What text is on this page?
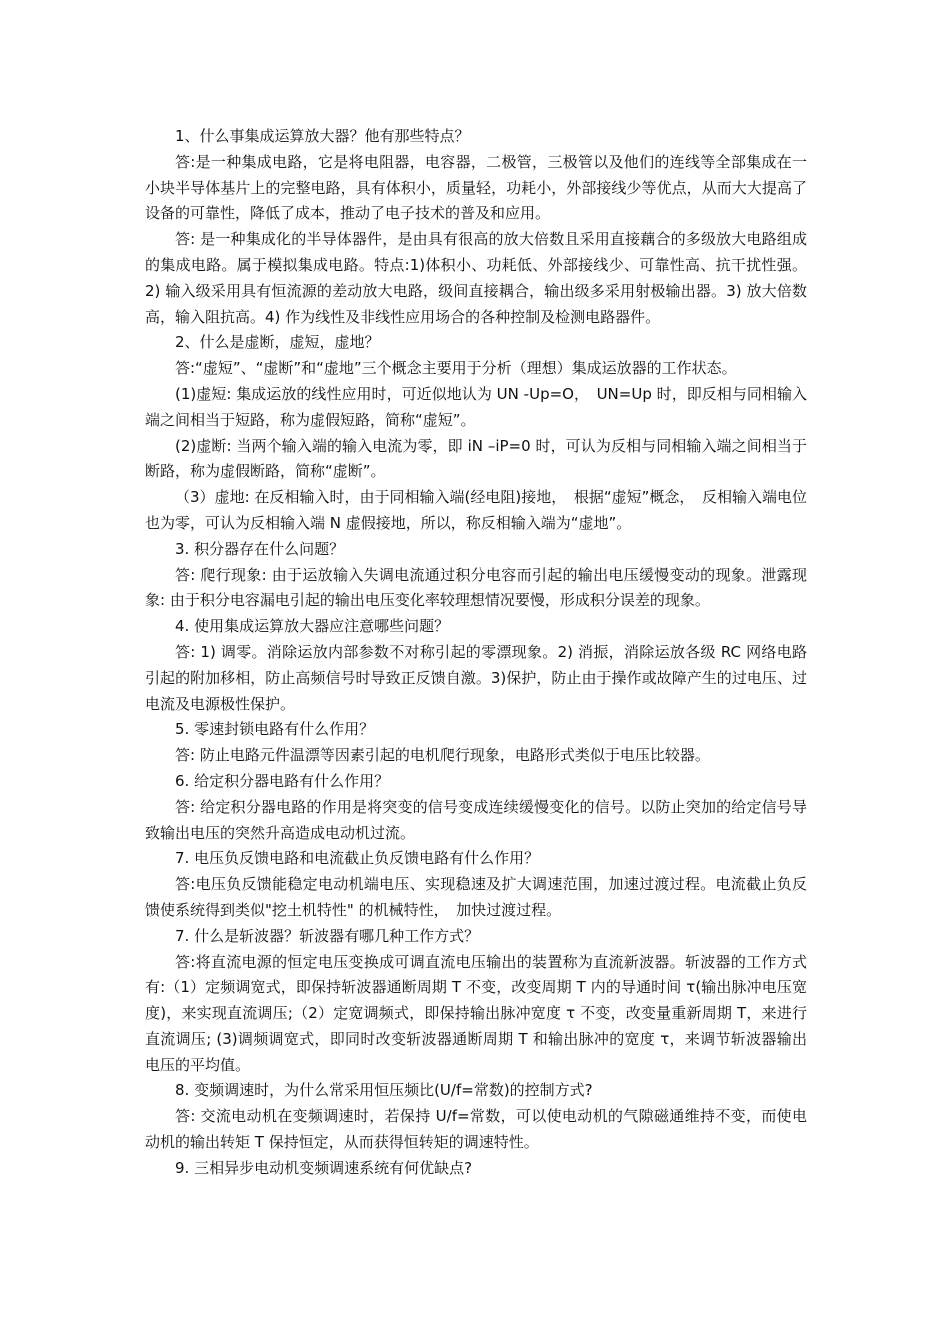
1、什么事集成运算放大器？他有那些特点？

答:是一种集成电路，它是将电阻器，电容器，二极管，三极管以及他们的连线等全部集成在一小块半导体基片上的完整电路，具有体积小，质量轻，功耗小，外部接线少等优点，从而大大提高了设备的可靠性，降低了成本，推动了电子技术的普及和应用。

答: 是一种集成化的半导体器件，是由具有很高的放大倍数且采用直接藕合的多级放大电路组成的集成电路。属于模拟集成电路。特点:1)体积小、功耗低、外部接线少、可靠性高、抗干扰性强。2) 输入级采用具有恒流源的差动放大电路，级间直接耦合，输出级多采用射极输出器。3) 放大倍数高，输入阻抗高。4) 作为线性及非线性应用场合的各种控制及检测电路器件。

2、什么是虚断，虚短，虚地？

答:“虚短”、“虚断”和“虚地”三个概念主要用于分析（理想）集成运放器的工作状态。

(1)虚短: 集成运放的线性应用时，可近似地认为 UN -Up=O，　UN=Up 时，即反相与同相输入端之间相当于短路，称为虚假短路，简称“虚短”。

(2)虚断: 当两个输入端的输入电流为零，即 iN –iP=0 时，可认为反相与同相输入端之间相当于断路，称为虚假断路，简称“虚断”。

（3）虚地: 在反相输入时，由于同相输入端(经电阻)接地，　根据“虚短”概念，　反相输入端电位也为零，可认为反相输入端 N 虚假接地，所以，称反相输入端为“虚地”。

3. 积分器存在什么问题？

答: 爬行现象: 由于运放输入失调电流通过积分电容而引起的输出电压缓慢变动的现象。泄露现象: 由于积分电容漏电引起的输出电压变化率较理想情况要慢，形成积分误差的现象。

4. 使用集成运算放大器应注意哪些问题？

答: 1) 调零。消除运放内部参数不对称引起的零漂现象。2) 消振，消除运放各级 RC 网络电路引起的附加移相，防止高频信号时导致正反馈自激。3)保护，防止由于操作或故障产生的过电压、过电流及电源极性保护。

5. 零速封锁电路有什么作用？

答: 防止电路元件温漂等因素引起的电机爬行现象，电路形式类似于电压比较器。

6. 给定积分器电路有什么作用？

答: 给定积分器电路的作用是将突变的信号变成连续缓慢变化的信号。以防止突加的给定信号导致输出电压的突然升高造成电动机过流。

7. 电压负反馈电路和电流截止负反馈电路有什么作用？

答:电压负反馈能稳定电动机端电压、实现稳速及扩大调速范围，加速过渡过程。电流截止负反馈使系统得到类似"挖土机特性" 的机械特性，　加快过渡过程。

7. 什么是斩波器？斩波器有哪几种工作方式？

答:将直流电源的恒定电压变换成可调直流电压输出的装置称为直流新波器。斩波器的工作方式有:（1）定频调宽式，即保持斩波器通断周期 T 不变，改变周期 T 内的导通时间 τ(输出脉冲电压宽度)，来实现直流调压;（2）定宽调频式，即保持输出脉冲宽度 τ 不变，改变量重新周期 T，来进行直流调压; (3)调频调宽式，即同时改变斩波器通断周期 T 和输出脉冲的宽度 τ，来调节斩波器输出电压的平均值。

8. 变频调速时，为什么常采用恒压频比(U/f=常数)的控制方式?

答: 交流电动机在变频调速时，若保持 U/f=常数，可以使电动机的气隙磁通维持不变，而使电动机的输出转矩 T 保持恒定，从而获得恒转矩的调速特性。

9. 三相异步电动机变频调速系统有何优缺点?
